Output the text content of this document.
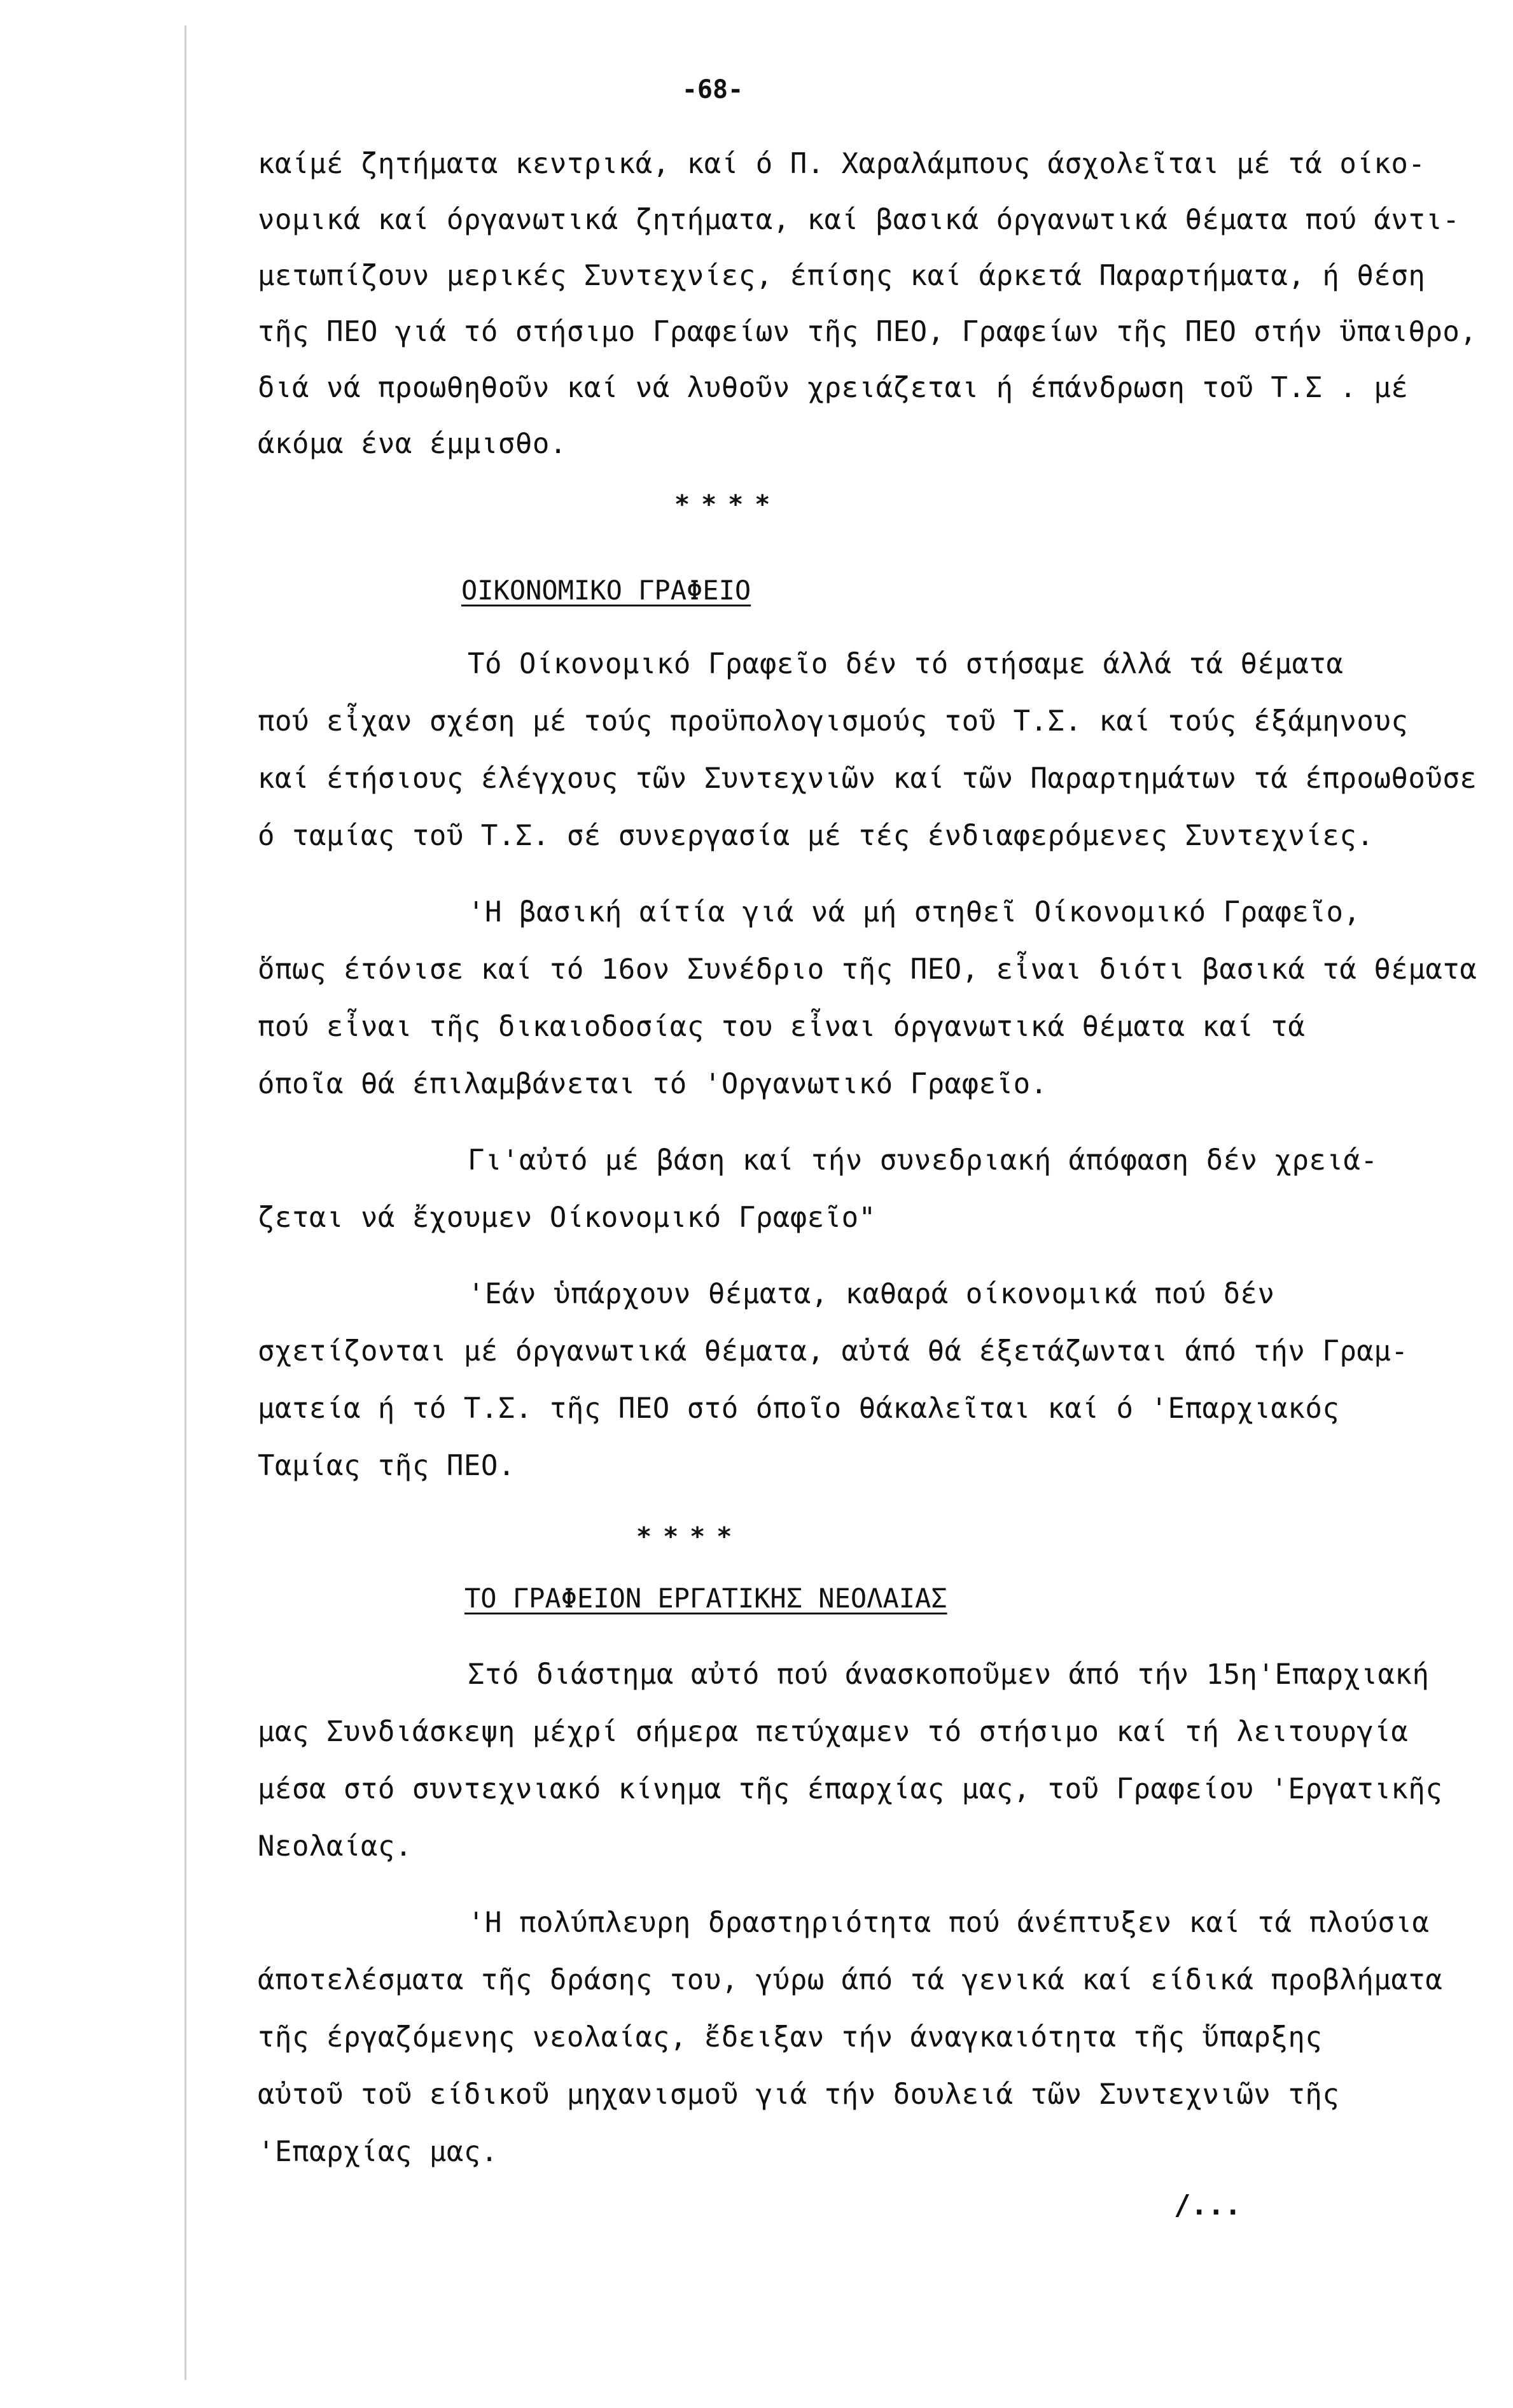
-68-
καίμέ ζητήματα κεντρικά, καί ό Π. Χαραλάμπους άσχολεῖται μέ τά οίκο-
νομικά καί όργανωτικά ζητήματα, καί βασικά όργανωτικά θέματα πού άντι-
μετωπίζουν μερικές Συντεχνίες, έπίσης καί άρκετά Παραρτήματα, ή θέση
τῆς ΠΕΟ γιά τό στήσιμο Γραφείων τῆς ΠΕΟ, Γραφείων τῆς ΠΕΟ στήν ϋπαιθρο,
διά νά προωθηθοῦν καί νά λυθοῦν χρειάζεται ή έπάνδρωση τοῦ Τ.Σ . μέ
άκόμα ένα έμμισθο.
****
ΟΙΚΟΝΟΜΙΚΟ ΓΡΑΦΕΙΟ
Τό Οίκονομικό Γραφεῖο δέν τό στήσαμε άλλά τά θέματα
πού εἶχαν σχέση μέ τούς προϋπολογισμούς τοῦ Τ.Σ. καί τούς έξάμηνους
καί έτήσιους έλέγχους τῶν Συντεχνιῶν καί τῶν Παραρτημάτων τά έπροωθοῦσε
ό ταμίας τοῦ Τ.Σ. σέ συνεργασία μέ τές ένδιαφερόμενες Συντεχνίες.
'Η βασική αίτία γιά νά μή στηθεῖ Οίκονομικό Γραφεῖο,
ὅπως έτόνισε καί τό 16ον Συνέδριο τῆς ΠΕΟ, εἶναι διότι βασικά τά θέματα
πού εἶναι τῆς δικαιοδοσίας του εἶναι όργανωτικά θέματα καί τά
όποῖα θά έπιλαμβάνεται τό 'Οργανωτικό Γραφεῖο.
Γι'αὐτό μέ βάση καί τήν συνεδριακή άπόφαση δέν χρειά-
ζεται νά ἔχουμεν Οίκονομικό Γραφεῖο"
'Εάν ὑπάρχουν θέματα, καθαρά οίκονομικά πού δέν
σχετίζονται μέ όργανωτικά θέματα, αὐτά θά έξετάζωνται άπό τήν Γραμ-
ματεία ή τό Τ.Σ. τῆς ΠΕΟ στό όποῖο θάκαλεῖται καί ό 'Επαρχιακός
Ταμίας τῆς ΠΕΟ.
****
ΤΟ ΓΡΑΦΕΙΟΝ ΕΡΓΑΤΙΚΗΣ ΝΕΟΛΑΙΑΣ
Στό διάστημα αὐτό πού άνασκοποῦμεν άπό τήν 15η'Επαρχιακή
μας Συνδιάσκεψη μέχρί σήμερα πετύχαμεν τό στήσιμο καί τή λειτουργία
μέσα στό συντεχνιακό κίνημα τῆς έπαρχίας μας, τοῦ Γραφείου 'Εργατικῆς
Νεολαίας.
'Η πολύπλευρη δραστηριότητα πού άνέπτυξεν καί τά πλούσια
άποτελέσματα τῆς δράσης του, γύρω άπό τά γενικά καί είδικά προβλήματα
τῆς έργαζόμενης νεολαίας, ἔδειξαν τήν άναγκαιότητα τῆς ὕπαρξης
αὐτοῦ τοῦ είδικοῦ μηχανισμοῦ γιά τήν δουλειά τῶν Συντεχνιῶν τῆς
'Επαρχίας μας.
/...
